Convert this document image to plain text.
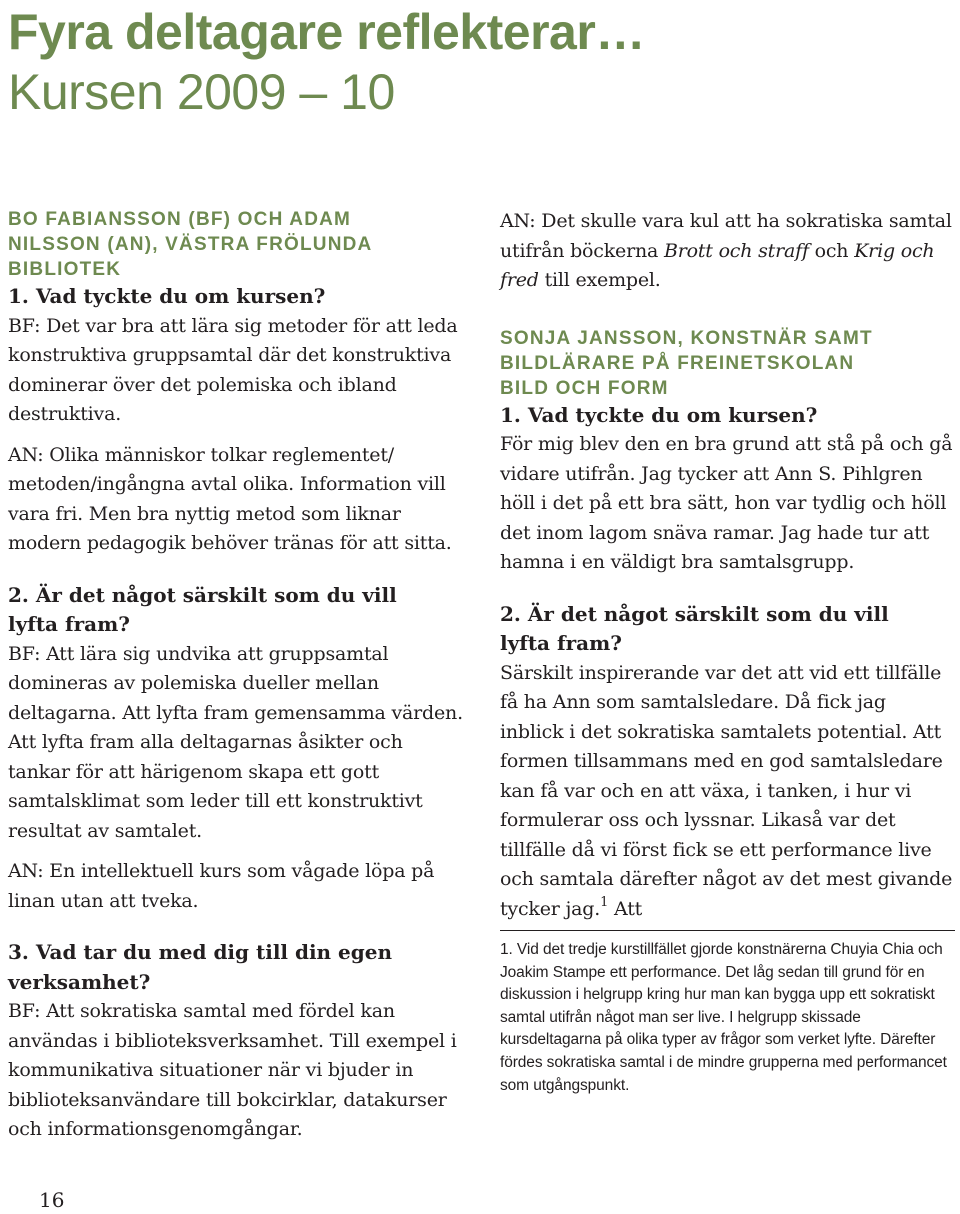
Fyra deltagare reflekterar…
Kursen 2009 – 10

BO FABIANSSON (BF) OCH ADAM
NILSSON (AN), VÄSTRA FRÖLUNDA
BIBLIOTEK

1. Vad tyckte du om kursen?

BF: Det var bra att lära sig metoder för att leda konstruktiva gruppsamtal där det konstruktiva dominerar över det polemiska och ibland destruktiva.

AN: Olika människor tolkar reglementet/ metoden/ingångna avtal olika. Information vill vara fri. Men bra nyttig metod som liknar modern pedagogik behöver tränas för att sitta.

2. Är det något särskilt som du vill
lyfta fram?

BF: Att lära sig undvika att gruppsamtal domineras av polemiska dueller mellan deltagarna. Att lyfta fram gemensamma värden. Att lyfta fram alla deltagarnas åsikter och tankar för att härigenom skapa ett gott samtalsklimat som leder till ett konstruktivt resultat av samtalet.

AN: En intellektuell kurs som vågade löpa på linan utan att tveka.

3. Vad tar du med dig till din egen
verksamhet?

BF: Att sokratiska samtal med fördel kan användas i biblioteksverksamhet. Till exempel i kommunikativa situationer när vi bjuder in biblioteksanvändare till bokcirklar, datakurser och informationsgenomgångar.

AN: Det skulle vara kul att ha sokratiska samtal utifrån böckerna Brott och straff och Krig och fred till exempel.

SONJA JANSSON, KONSTNÄR SAMT
BILDLÄRARE PÅ FREINETSKOLAN
BILD OCH FORM

1. Vad tyckte du om kursen?

För mig blev den en bra grund att stå på och gå vidare utifrån. Jag tycker att Ann S. Pihlgren höll i det på ett bra sätt, hon var tydlig och höll det inom lagom snäva ramar. Jag hade tur att hamna i en väldigt bra samtalsgrupp.

2. Är det något särskilt som du vill
lyfta fram?

Särskilt inspirerande var det att vid ett tillfälle få ha Ann som samtalsledare. Då fick jag inblick i det sokratiska samtalets potential. Att formen tillsammans med en god samtalsledare kan få var och en att växa, i tanken, i hur vi formulerar oss och lyssnar. Likaså var det tillfälle då vi först fick se ett performance live och samtala därefter något av det mest givande tycker jag.$^1$ Att

1. Vid det tredje kurstillfället gjorde konstnärerna Chuyia Chia och Joakim Stampe ett performance. Det låg sedan till grund för en diskussion i helgrupp kring hur man kan bygga upp ett sokratiskt samtal utifrån något man ser live. I helgrupp skissade kursdeltagarna på olika typer av frågor som verket lyfte. Därefter fördes sokratiska samtal i de mindre grupperna med performancet som utgångspunkt.

16
